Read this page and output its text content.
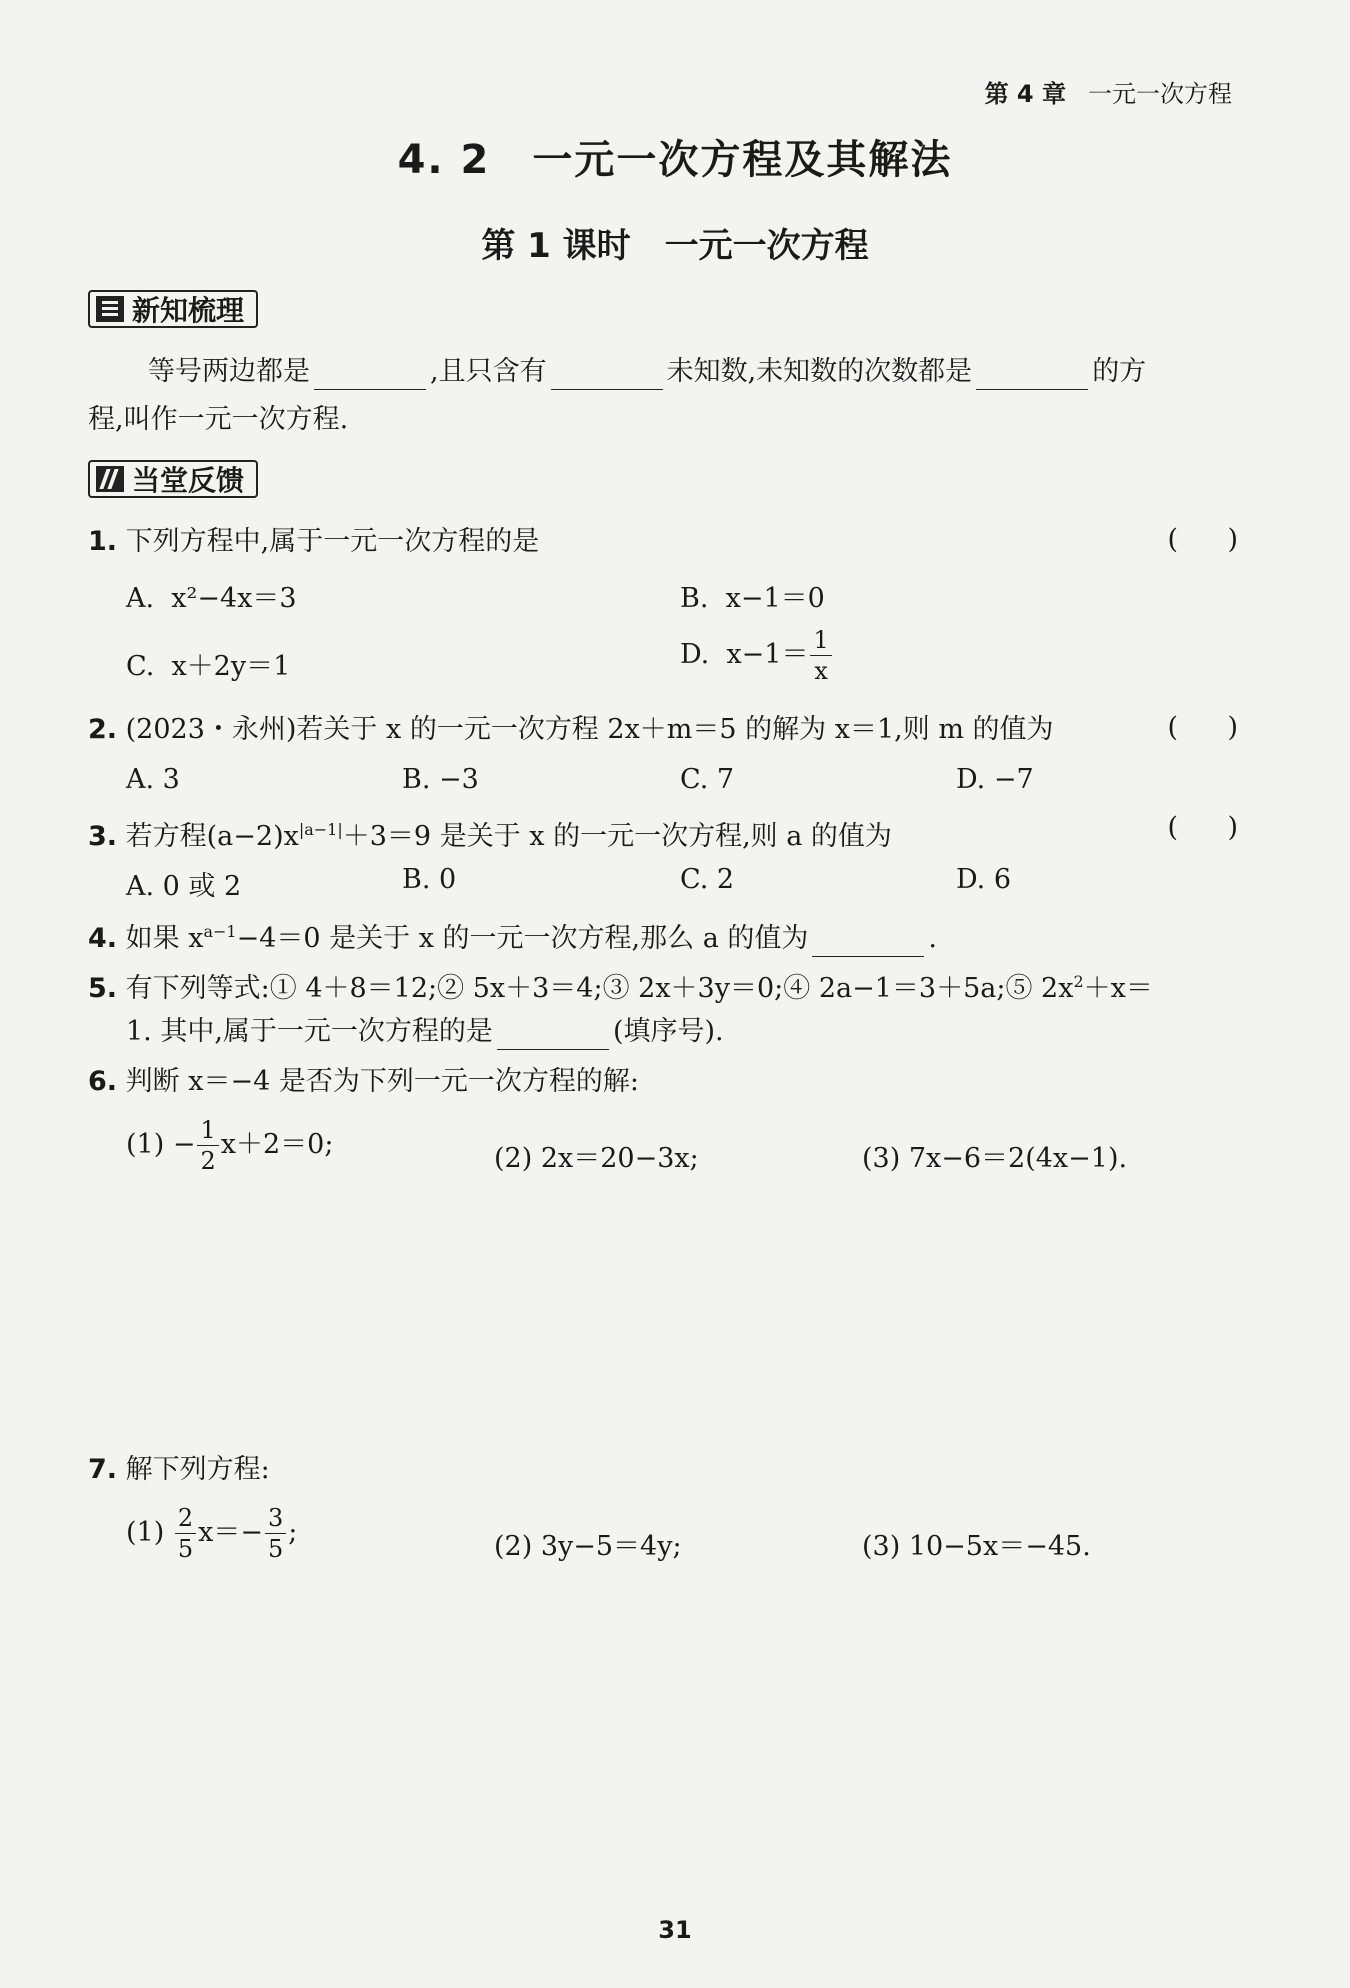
第 4 章 一元一次方程
4. 2　一元一次方程及其解法
第 1 课时　一元一次方程
新知梳理
等号两边都是	,且只含有	未知数,未知数的次数都是	的方
程,叫作一元一次方程.
当堂反馈
1. 下列方程中,属于一元一次方程的是	( )
A. x²−4x＝3	B. x−1＝0
C. x＋2y＝1	D. $x-1= \frac{1}{x}$
2. (2023・永州)若关于 x 的一元一次方程 2x＋m＝5 的解为 x＝1,则 m 的值为	( )
A. 3	B. −3	C. 7	D. −7
3. 若方程$(a-2)x^{|a-1|}+3=9$ 是关于 x 的一元一次方程,则 a 的值为	( )
A. 0 或 2	B. 0	C. 2	D. 6
4. 如果 $x^{a-1}-4=0$ 是关于 x 的一元一次方程,那么 a 的值为	.
5. 有下列等式:① 4＋8＝12;② 5x＋3＝4;③ 2x＋3y＝0;④ 2a−1＝3＋5a;⑤ $2x^2+x=$
1. 其中,属于一元一次方程的是	(填序号).
6. 判断 x＝−4 是否为下列一元一次方程的解:
$(1) - \frac{1}{2} x+2=0$;	(2) 2x＝20−3x;	(3) 7x−6＝2(4x−1).
7. 解下列方程:
$(1) \frac{2}{5} x=- \frac{3}{5}$ ;	(2) 3y−5＝4y;	(3) 10−5x＝−45.
31
